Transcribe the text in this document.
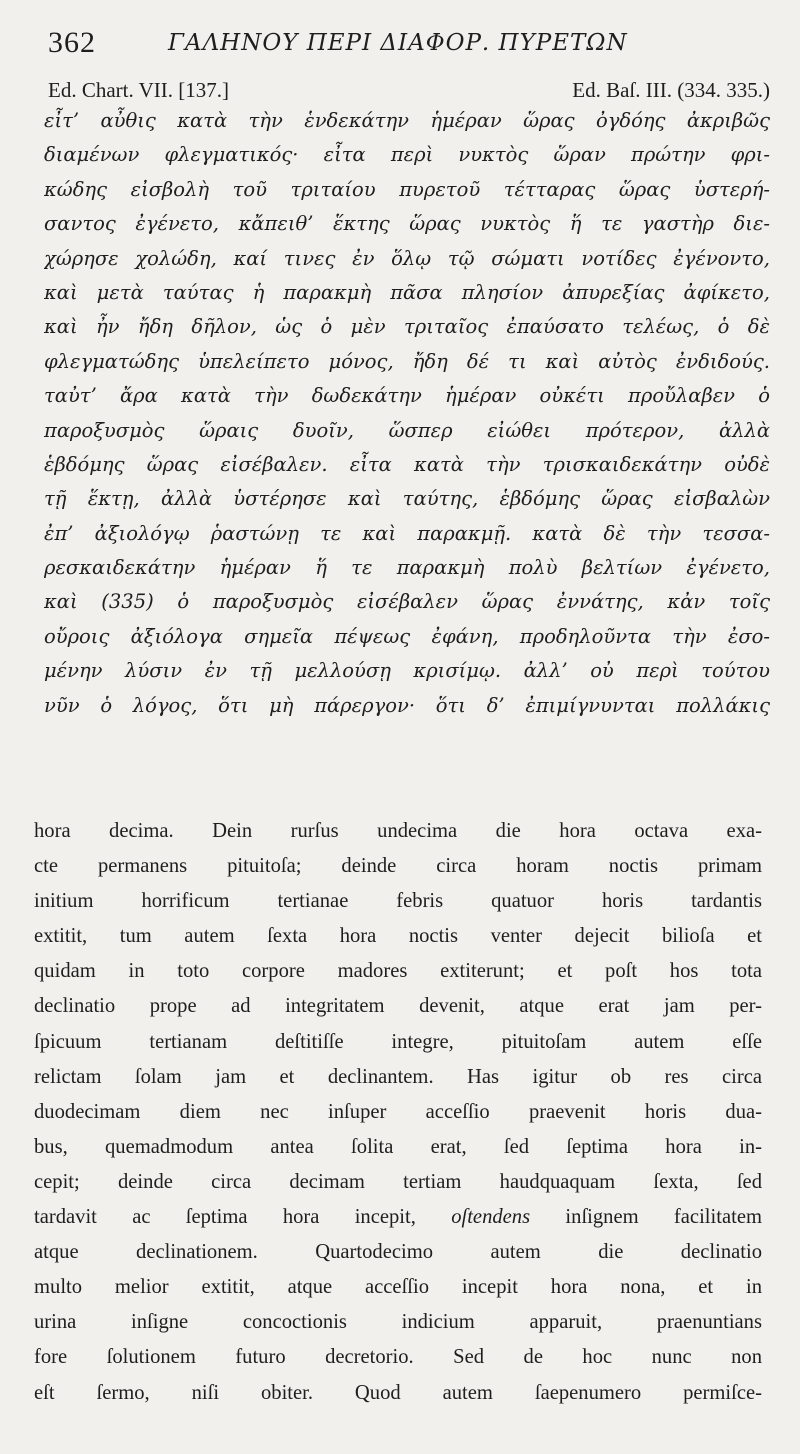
362	ΓΑΛΗΝΟΥ ΠΕΡΙ ΔΙΑΦΟΡ. ΠΥΡΕΤΩΝ
Ed. Chart. VII. [137.]	Ed. Baſ. III. (334. 335.)
εἶτ’ αὖθις κατὰ τὴν ἑνδεκάτην ἡμέραν ὥρας ὀγδόης ἀκριβῶς
διαμένων φλεγματικός· εἶτα περὶ νυκτὸς ὥραν πρώτην φρι-
κώδης εἰσβολὴ τοῦ τριταίου πυρετοῦ τέτταρας ὥρας ὑστερή-
σαντος ἐγένετο, κἄπειθ’ ἕκτης ὥρας νυκτὸς ἥ τε γαστὴρ διε-
χώρησε χολώδη, καί τινες ἐν ὅλῳ τῷ σώματι νοτίδες ἐγένοντο,
καὶ μετὰ ταύτας ἡ παρακμὴ πᾶσα πλησίον ἀπυρεξίας ἀφίκετο,
καὶ ἦν ἤδη δῆλον, ὡς ὁ μὲν τριταῖος ἐπαύσατο τελέως, ὁ δὲ
φλεγματώδης ὑπελείπετο μόνος, ἤδη δέ τι καὶ αὐτὸς ἐνδιδούς.
ταὐτ’ ἄρα κατὰ τὴν δωδεκάτην ἡμέραν οὐκέτι προὔλαβεν ὁ
παροξυσμὸς ὥραις δυοῖν, ὥσπερ εἰώθει πρότερον, ἀλλὰ
ἑβδόμης ὥρας εἰσέβαλεν. εἶτα κατὰ τὴν τρισκαιδεκάτην οὐδὲ
τῇ ἕκτῃ, ἀλλὰ ὑστέρησε καὶ ταύτης, ἑβδόμης ὥρας εἰσβαλὼν
ἐπ’ ἀξιολόγῳ ῥαστώνῃ τε καὶ παρακμῇ. κατὰ δὲ τὴν τεσσα-
ρεσκαιδεκάτην ἡμέραν ἥ τε παρακμὴ πολὺ βελτίων ἐγένετο,
καὶ (335) ὁ παροξυσμὸς εἰσέβαλεν ὥρας ἐννάτης, κἀν τοῖς
οὔροις ἀξιόλογα σημεῖα πέψεως ἐφάνη, προδηλοῦντα τὴν ἐσο-
μένην λύσιν ἐν τῇ μελλούσῃ κρισίμῳ. ἀλλ’ οὐ περὶ τούτου
νῦν ὁ λόγος, ὅτι μὴ πάρεργον· ὅτι δ’ ἐπιμίγνυνται πολλάκις
hora decima. Dein rurſus undecima die hora octava exa-
cte permanens pituitoſa; deinde circa horam noctis primam
initium horrificum tertianae febris quatuor horis tardantis
extitit, tum autem ſexta hora noctis venter dejecit bilioſa et
quidam in toto corpore madores extiterunt; et poſt hos tota
declinatio prope ad integritatem devenit, atque erat jam per-
ſpicuum tertianam deſtitiſſe integre, pituitoſam autem eſſe
relictam ſolam jam et declinantem. Has igitur ob res circa
duodecimam diem nec inſuper acceſſio praevenit horis dua-
bus, quemadmodum antea ſolita erat, ſed ſeptima hora in-
cepit; deinde circa decimam tertiam haudquaquam ſexta, ſed
tardavit ac ſeptima hora incepit, oſtendens inſignem facilitatem
atque declinationem. Quartodecimo autem die declinatio
multo melior extitit, atque acceſſio incepit hora nona, et in
urina inſigne concoctionis indicium apparuit, praenuntians
fore ſolutionem futuro decretorio. Sed de hoc nunc non
eſt ſermo, niſi obiter. Quod autem ſaepenumero permiſce-
